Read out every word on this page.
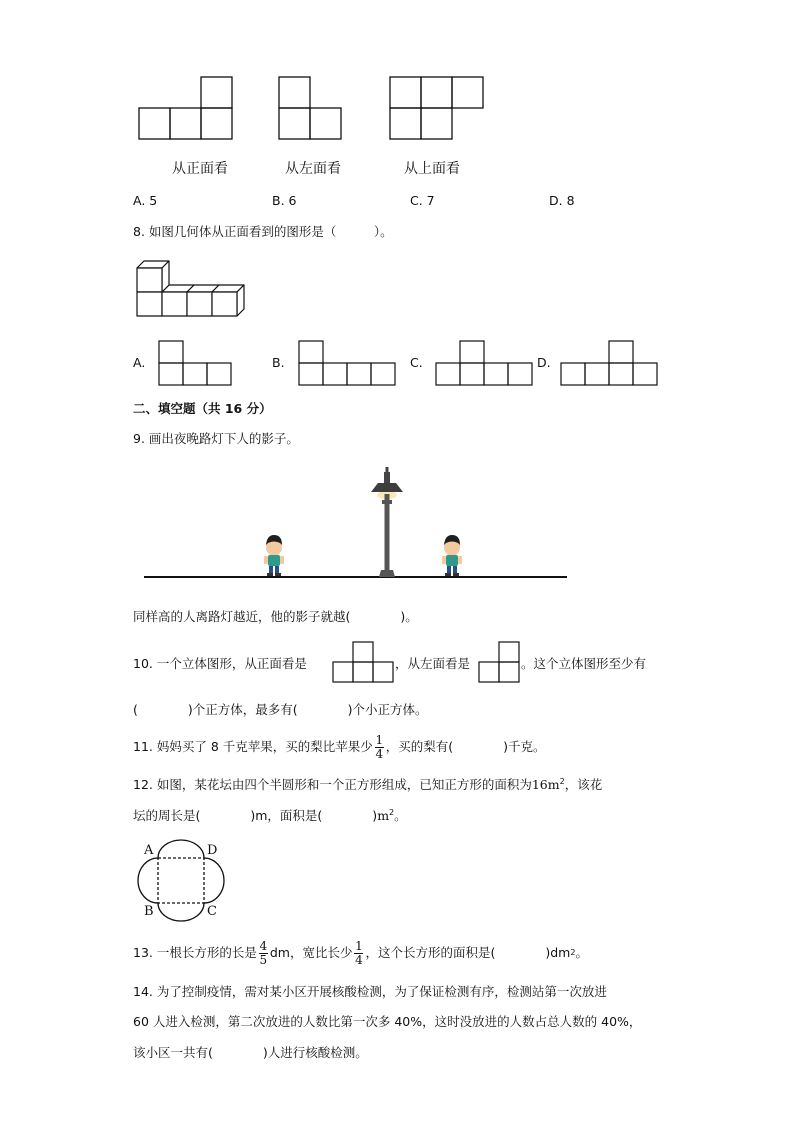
从正面看	从左面看	从上面看
A. 5	B. 6	C. 7	D. 8
8. 如图几何体从正面看到的图形是（　　　）。
A.	B.	C.	D.
二、填空题（共 16 分）
9. 画出夜晚路灯下人的影子。
同样高的人离路灯越近，他的影子就越(　　　　)。
10. 一个立体图形，从正面看是	，从左面看是	。这个立体图形至少有
(　　　　)个正方体，最多有(　　　　)个小正方体。
11. 妈妈买了 8 千克苹果，买的梨比苹果少 $\frac{1}{4}$ ，买的梨有(　　　　)千克。
12. 如图，某花坛由四个半圆形和一个正方形组成，已知正方形的面积为$16m^2$，该花
坛的周长是(　　　　)m，面积是(　　　　)$m^2$。
A	D
B	C
13. 一根长方形的长是 $\frac{4}{5}$ dm，宽比长少 $\frac{1}{4}$ ，这个长方形的面积是(　　　　)dm 2 。
14. 为了控制疫情，需对某小区开展核酸检测，为了保证检测有序，检测站第一次放进
60 人进入检测，第二次放进的人数比第一次多 40%，这时没放进的人数占总人数的 40%，
该小区一共有(　　　　)人进行核酸检测。
